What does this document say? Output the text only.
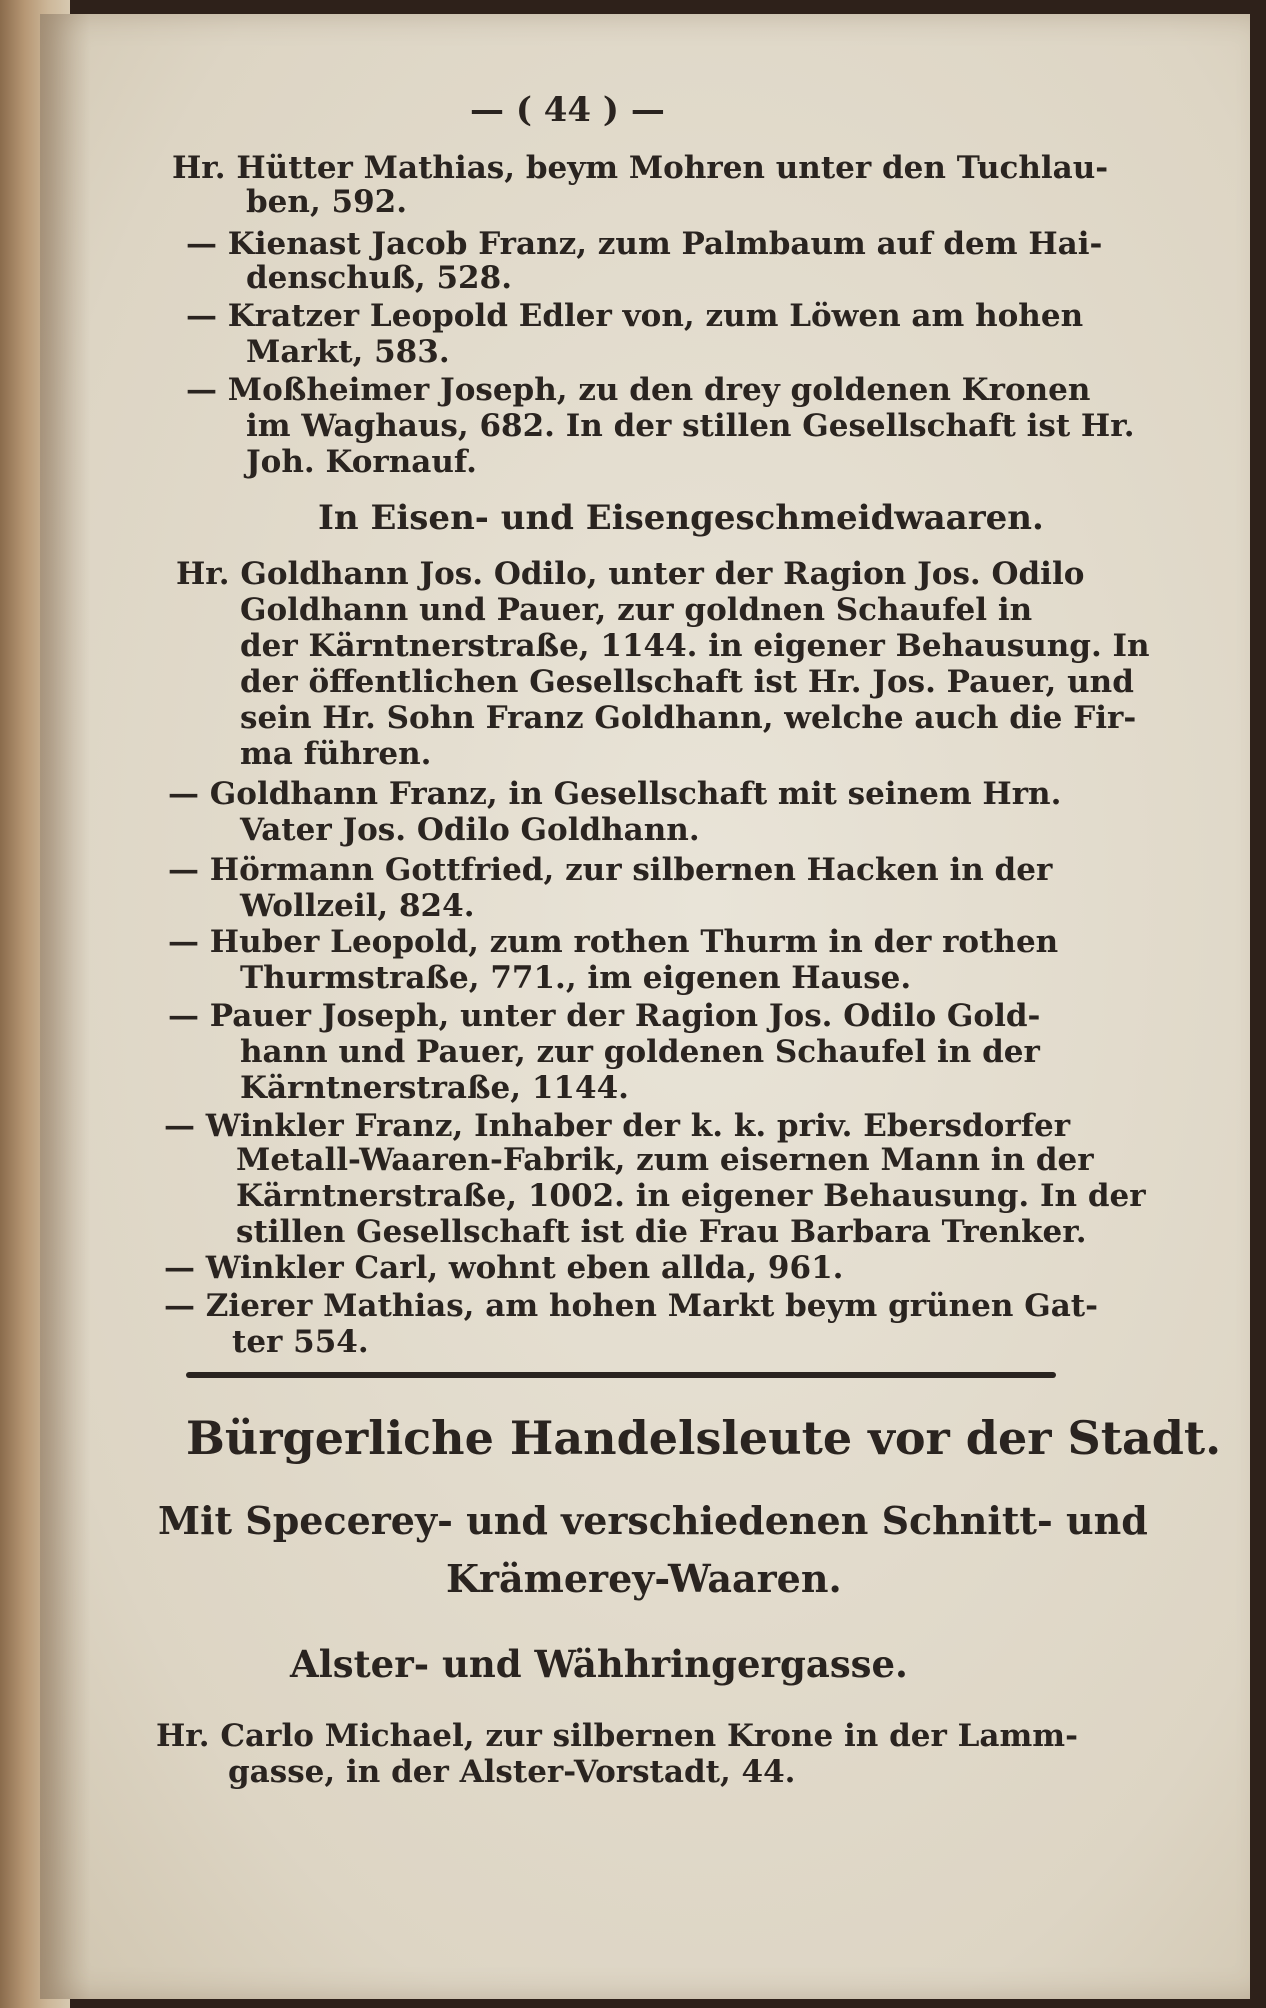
— ( 44 ) —
Hr. Hütter Mathias, beym Mohren unter den Tuchlau-
ben, 592.
— Kienast Jacob Franz, zum Palmbaum auf dem Hai-
denschuß, 528.
— Kratzer Leopold Edler von, zum Löwen am hohen
Markt, 583.
— Moßheimer Joseph, zu den drey goldenen Kronen
im Waghaus, 682. In der stillen Gesellschaft ist Hr.
Joh. Kornauf.
In Eisen- und Eisengeschmeidwaaren.
Hr. Goldhann Jos. Odilo, unter der Ragion Jos. Odilo
Goldhann und Pauer, zur goldnen Schaufel in
der Kärntnerstraße, 1144. in eigener Behausung. In
der öffentlichen Gesellschaft ist Hr. Jos. Pauer, und
sein Hr. Sohn Franz Goldhann, welche auch die Fir-
ma führen.
— Goldhann Franz, in Gesellschaft mit seinem Hrn.
Vater Jos. Odilo Goldhann.
— Hörmann Gottfried, zur silbernen Hacken in der
Wollzeil, 824.
— Huber Leopold, zum rothen Thurm in der rothen
Thurmstraße, 771., im eigenen Hause.
— Pauer Joseph, unter der Ragion Jos. Odilo Gold-
hann und Pauer, zur goldenen Schaufel in der
Kärntnerstraße, 1144.
— Winkler Franz, Inhaber der k. k. priv. Ebersdorfer
Metall-Waaren-Fabrik, zum eisernen Mann in der
Kärntnerstraße, 1002. in eigener Behausung. In der
stillen Gesellschaft ist die Frau Barbara Trenker.
— Winkler Carl, wohnt eben allda, 961.
— Zierer Mathias, am hohen Markt beym grünen Gat-
ter 554.
Bürgerliche Handelsleute vor der Stadt.
Mit Specerey- und verschiedenen Schnitt- und
Krämerey-Waaren.
Alster- und Wähhringergasse.
Hr. Carlo Michael, zur silbernen Krone in der Lamm-
gasse, in der Alster-Vorstadt, 44.
